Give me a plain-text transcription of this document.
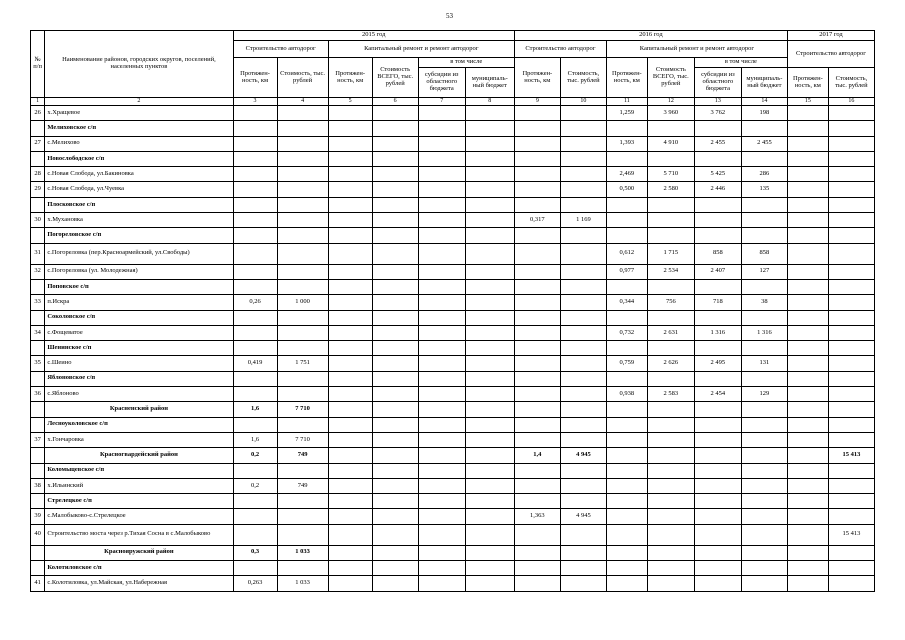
53
№ п/п	Наименование районов, городских округов, поселений, населенных пунктов	2015 год						2016 год						2017 год	
		Строительство автодорог		Капитальный ремонт и ремонт автодорог				Строительство автодорог		Капитальный ремонт и ремонт автодорог				Строительство автодорог	
		Протяжен-ность, км	Стоимость, тыс. рублей	Протяжен-ность, км	Стоимость ВСЕГО, тыс. рублей	в том числе		Протяжен-ность, км	Стоимость, тыс. рублей	Протяжен-ность, км	Стоимость ВСЕГО, тыс. рублей	в том числе			
						субсидии из областного бюджета	муниципаль-ный бюджет					субсидии из областного бюджета	муниципаль-ный бюджет	Протяжен-ность, км	Стоимость, тыс. рублей
1	2	3	4	5	6	7	8	9	10	11	12	13	14	15	16
26	х.Хращевое									1,259	3 960	3 762	198		
	Мелиховское с/п														
27	с.Мелихово									1,393	4 910	2 455	2 455		
	Новослободское с/п														
28	с.Новая Слобода, ул.Бакиновка									2,469	5 710	5 425	286		
29	с.Новая Слобода, ул.Чуевка									0,500	2 580	2 446	135		
	Плосковское с/п														
30	х.Мухановка							0,317	1 169						
	Погореловское с/п														
31	с.Погореловка (пер.Красноармейский, ул.Свободы)									0,612	1 715	858	858		
32	с.Погореловка (ул. Молодежная)									0,977	2 534	2 407	127		
	Поповское с/п														
33	п.Искра	0,26	1 000							0,344	756	718	38		
	Соколовское с/п														
34	с.Фощеватое									0,732	2 631	1 316	1 316		
	Шенинское с/п														
35	с.Шеино	0,419	1 751							0,759	2 626	2 495	131		
	Яблоновское с/п														
36	с.Яблоново									0,938	2 583	2 454	129		
	Красненский район	1,6	7 710												
	Лесноуколовское с/п														
37	х.Гончаровка	1,6	7 710												
	Красногвардейский район	0,2	749					1,4	4 945						15 413
	Коломыцевское с/п														
38	х.Ильинский	0,2	749												
	Стрелецкое с/п														
39	с.Малобыково-с.Стрелецкое							1,363	4 945						
40	Строительство моста через р.Тихая Сосна в с.Малобыково														15 413
	Краснояружский район	0,3	1 033												
	Колотиловское с/п														
41	с.Колотиловка, ул.Майская, ул.Набережная	0,263	1 033												
